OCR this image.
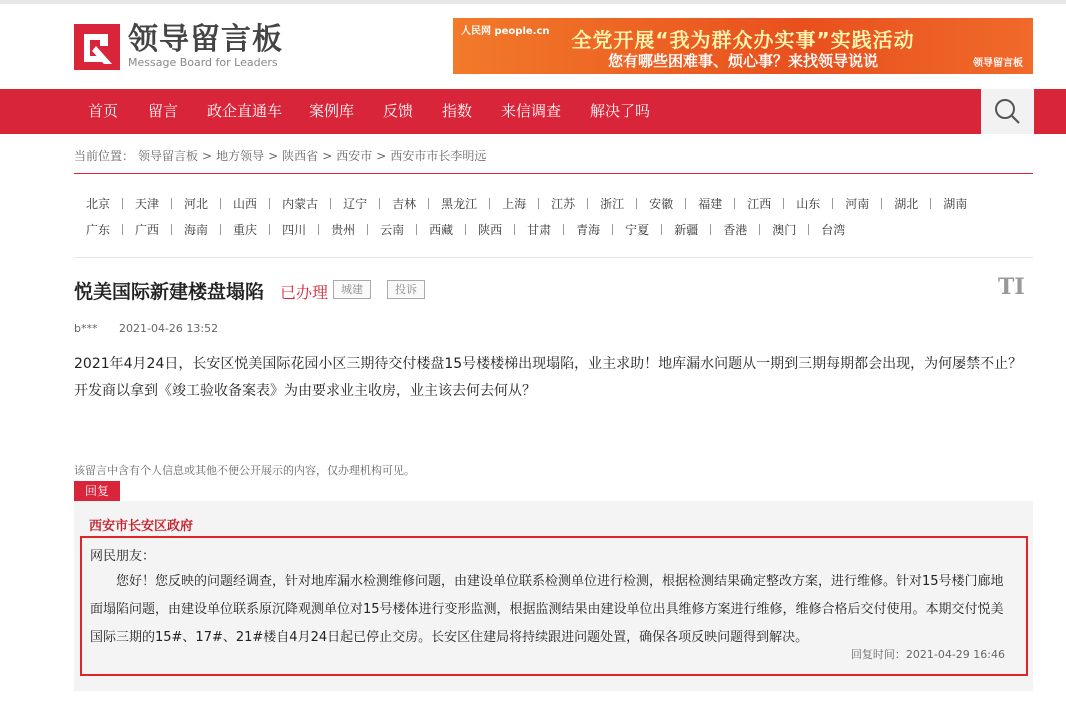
领导留言板
Message Board for Leaders
人民网 people.cn	全党开展“我为群众办实事”实践活动
您有哪些困难事、烦心事？来找领导说说	领导留言板
首页 留言 政企直通车 案例库 反馈 指数 来信调查 解决了吗
当前位置： 领导留言板 > 地方领导 > 陕西省 > 西安市 > 西安市市长李明远
北京	天津	河北	山西	内蒙古	辽宁	吉林	黑龙江	上海	江苏	浙江	安徽	福建	江西	山东	河南	湖北	湖南
广东	广西	海南	重庆	四川	贵州	云南	西藏	陕西	甘肃	青海	宁夏	新疆	香港	澳门	台湾
悦美国际新建楼盘塌陷 已办理	城建	投诉	TI
b*** 2021-04-26 13:52
2021年4月24日，长安区悦美国际花园小区三期待交付楼盘15号楼楼梯出现塌陷，业主求助！地库漏水问题从一期到三期每期都会出现，为何屡禁不止？开发商以拿到《竣工验收备案表》为由要求业主收房，业主该去何去何从？
该留言中含有个人信息或其他不便公开展示的内容，仅办理机构可见。
回复
西安市长安区政府
网民朋友：
您好！您反映的问题经调查，针对地库漏水检测维修问题，由建设单位联系检测单位进行检测，根据检测结果确定整改方案，进行维修。针对15号楼门廊地面塌陷问题，由建设单位联系原沉降观测单位对15号楼体进行变形监测，根据监测结果由建设单位出具维修方案进行维修，维修合格后交付使用。本期交付悦美国际三期的15#、17#、21#楼自4月24日起已停止交房。长安区住建局将持续跟进问题处置，确保各项反映问题得到解决。
回复时间：2021-04-29 16:46
